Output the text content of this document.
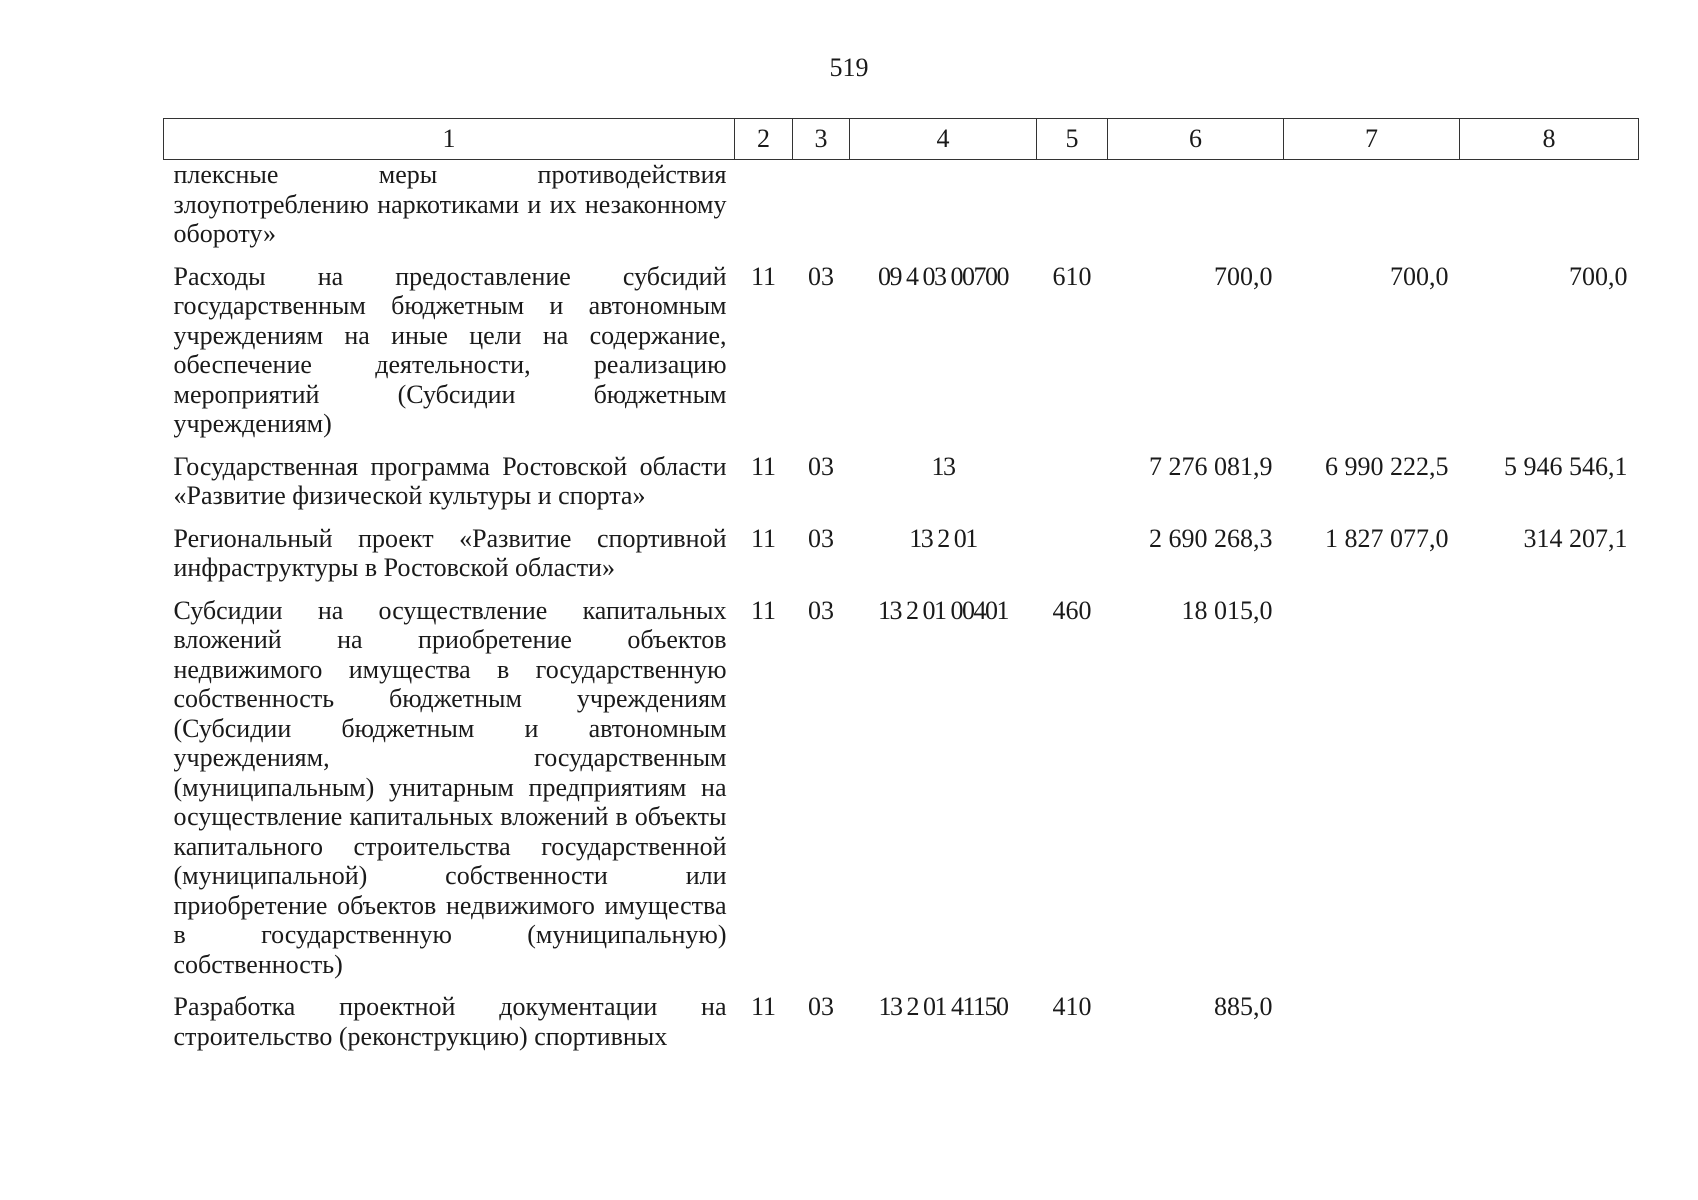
519
1	2	3	4	5	6	7	8
плексные меры противодействия злоупотреблению наркотиками и их незаконному обороту»							
Расходы на предоставление субсидий государственным бюджетным и автономным учреждениям на иные цели на содержание, обеспечение деятельности, реализацию мероприятий (Субсидии бюджетным учреждениям)	11	03	09 4 03 00700	610	700,0	700,0	700,0
Государственная программа Ростовской области «Развитие физической культуры и спорта»	11	03	13		7 276 081,9	6 990 222,5	5 946 546,1
Региональный проект «Развитие спортивной инфраструктуры в Ростовской области»	11	03	13 2 01		2 690 268,3	1 827 077,0	314 207,1
Субсидии на осуществление капитальных вложений на приобретение объектов недвижимого имущества в государственную собственность бюджетным учреждениям (Субсидии бюджетным и автономным учреждениям, государственным (муниципальным) унитарным предприятиям на осуществление капитальных вложений в объекты капитального строительства государственной (муниципальной) собственности или приобретение объектов недвижимого имущества в государственную (муниципальную) собственность)	11	03	13 2 01 00401	460	18 015,0		
Разработка проектной документации на строительство (реконструкцию) спортивных	11	03	13 2 01 41150	410	885,0		
